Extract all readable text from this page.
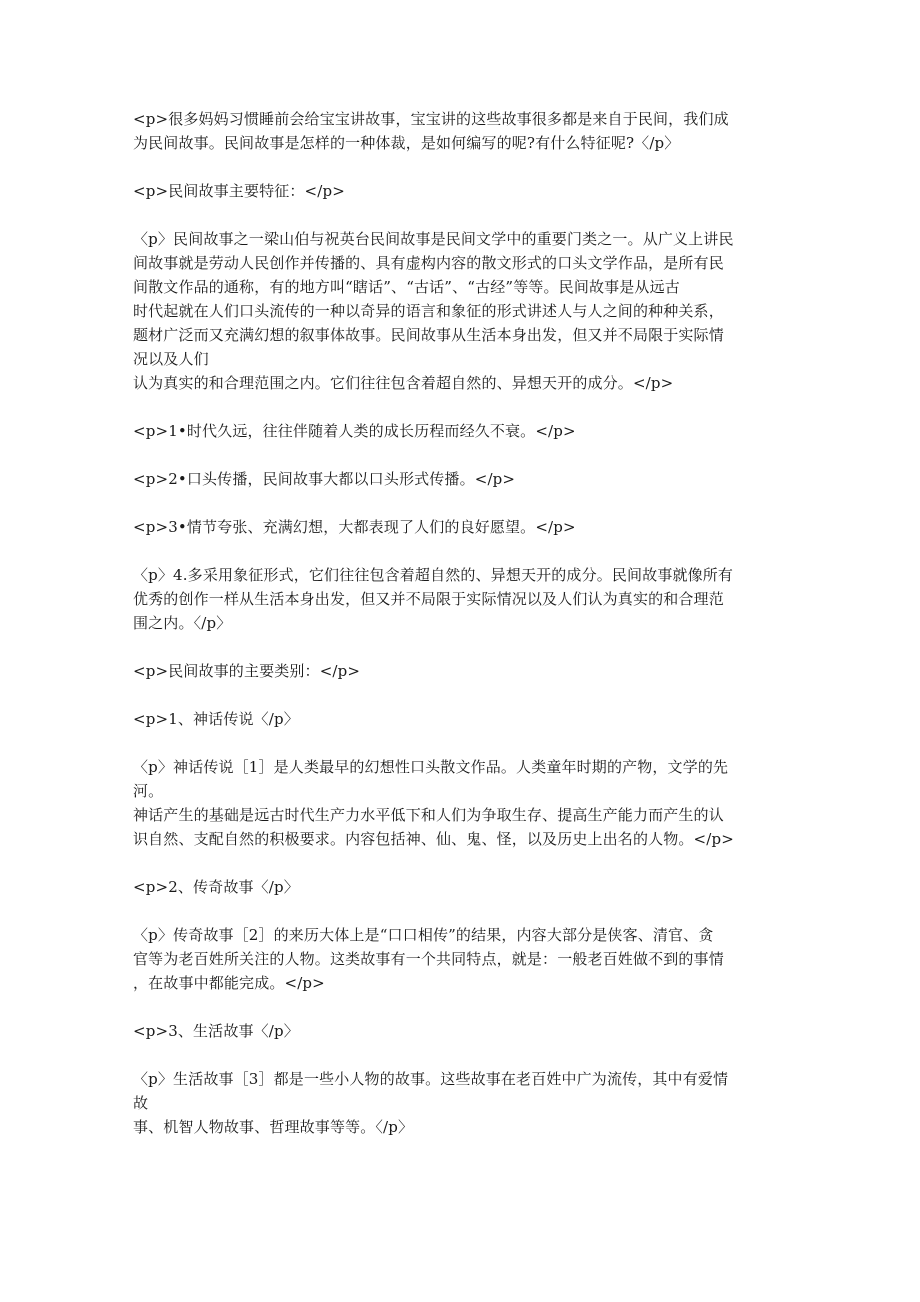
<p>很多妈妈习惯睡前会给宝宝讲故事，宝宝讲的这些故事很多都是来自于民间，我们成
为民间故事。民间故事是怎样的一种体裁，是如何编写的呢?有什么特征呢?〈/p〉
<p>民间故事主要特征：</p>
〈p〉民间故事之一梁山伯与祝英台民间故事是民间文学中的重要门类之一。从广义上讲民
间故事就是劳动人民创作并传播的、具有虚构内容的散文形式的口头文学作品，是所有民
间散文作品的通称，有的地方叫“瞎话”、“古话”、“古经”等等。民间故事是从远古
时代起就在人们口头流传的一种以奇异的语言和象征的形式讲述人与人之间的种种关系，
题材广泛而又充满幻想的叙事体故事。民间故事从生活本身出发，但又并不局限于实际情
况以及人们
认为真实的和合理范围之内。它们往往包含着超自然的、异想天开的成分。</p>
<p>1•时代久远，往往伴随着人类的成长历程而经久不衰。</p>
<p>2•口头传播，民间故事大都以口头形式传播。</p>
<p>3•情节夸张、充满幻想，大都表现了人们的良好愿望。</p>
〈p〉4.多采用象征形式，它们往往包含着超自然的、异想天开的成分。民间故事就像所有
优秀的创作一样从生活本身出发，但又并不局限于实际情况以及人们认为真实的和合理范
围之内。〈/p〉
<p>民间故事的主要类别：</p>
<p>1、神话传说〈/p〉
〈p〉神话传说［1］是人类最早的幻想性口头散文作品。人类童年时期的产物，文学的先
河。
神话产生的基础是远古时代生产力水平低下和人们为争取生存、提高生产能力而产生的认
识自然、支配自然的积极要求。内容包括神、仙、鬼、怪，以及历史上出名的人物。</p>
<p>2、传奇故事〈/p〉
〈p〉传奇故事［2］的来历大体上是“口口相传”的结果，内容大部分是侠客、清官、贪
官等为老百姓所关注的人物。这类故事有一个共同特点，就是：一般老百姓做不到的事情
，在故事中都能完成。</p>
<p>3、生活故事〈/p〉
〈p〉生活故事［3］都是一些小人物的故事。这些故事在老百姓中广为流传，其中有爱情
故
事、机智人物故事、哲理故事等等。〈/p〉
